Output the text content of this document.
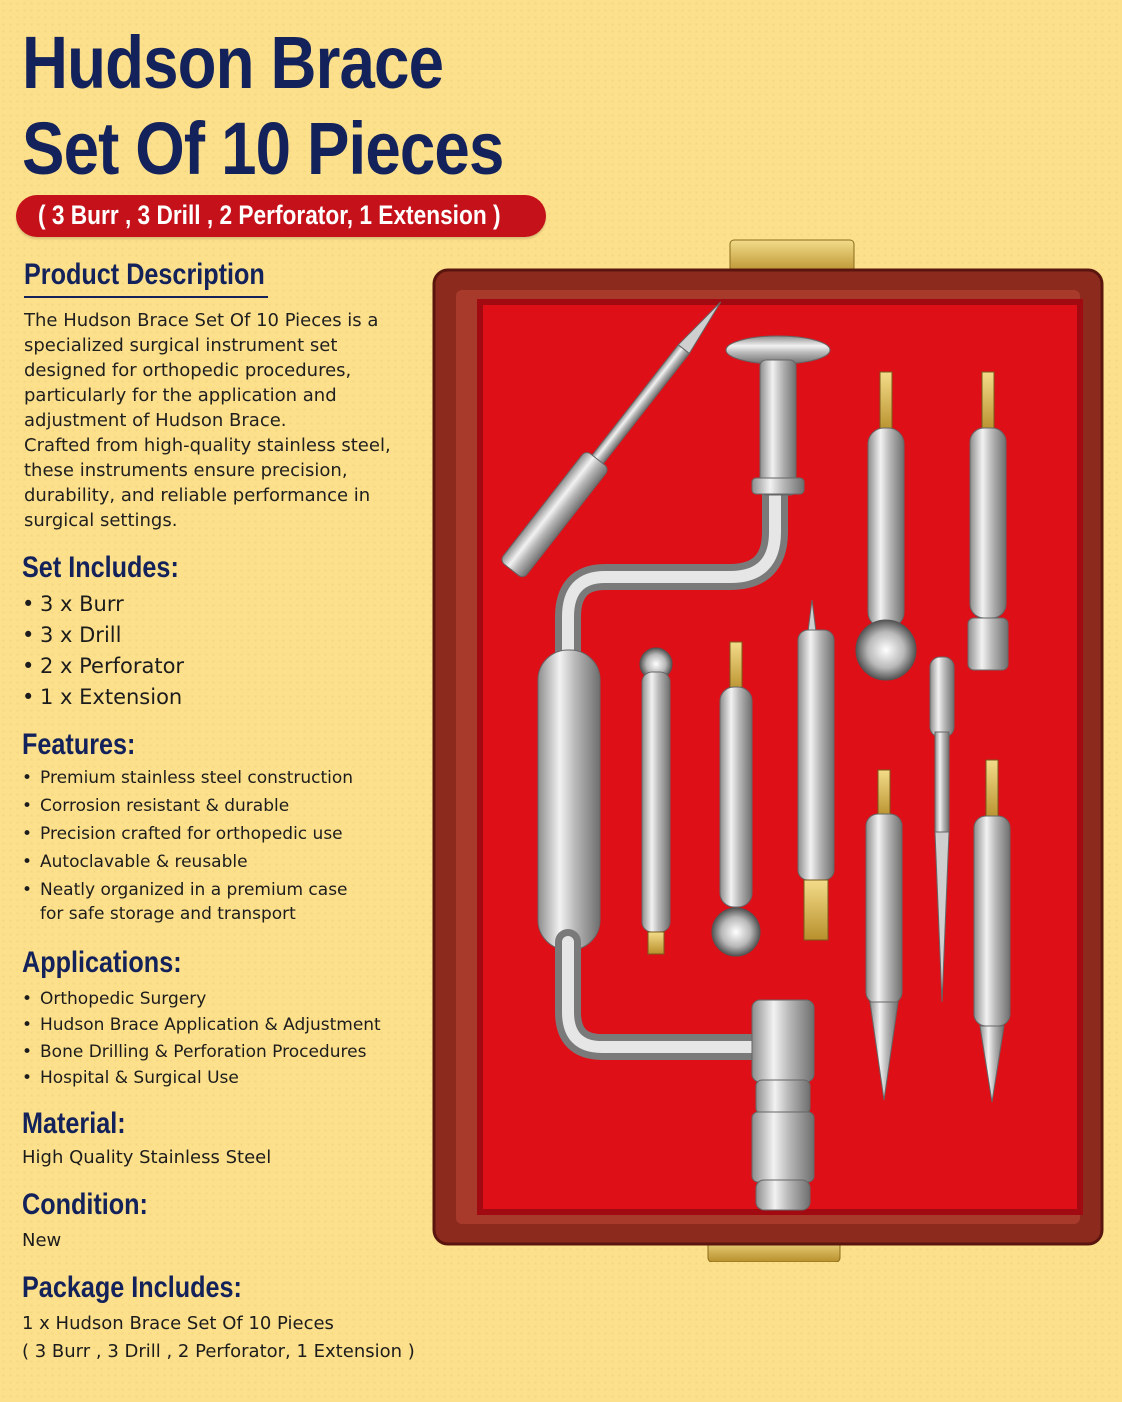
Hudson Brace
Set Of 10 Pieces
( 3 Burr , 3 Drill , 2 Perforator, 1 Extension )
Product Description
The Hudson Brace Set Of 10 Pieces is a
specialized surgical instrument set
designed for orthopedic procedures,
particularly for the application and
adjustment of Hudson Brace.
Crafted from high-quality stainless steel,
these instruments ensure precision,
durability, and reliable performance in
surgical settings.
Set Includes:
• 3 x Burr
• 3 x Drill
• 2 x Perforator
• 1 x Extension
Features:
• Premium stainless steel construction
• Corrosion resistant & durable
• Precision crafted for orthopedic use
• Autoclavable & reusable
• Neatly organized in a premium case
for safe storage and transport
Applications:
• Orthopedic Surgery
• Hudson Brace Application & Adjustment
• Bone Drilling & Perforation Procedures
• Hospital & Surgical Use
Material:
High Quality Stainless Steel
Condition:
New
Package Includes:
1 x Hudson Brace Set Of 10 Pieces
( 3 Burr , 3 Drill , 2 Perforator, 1 Extension )
